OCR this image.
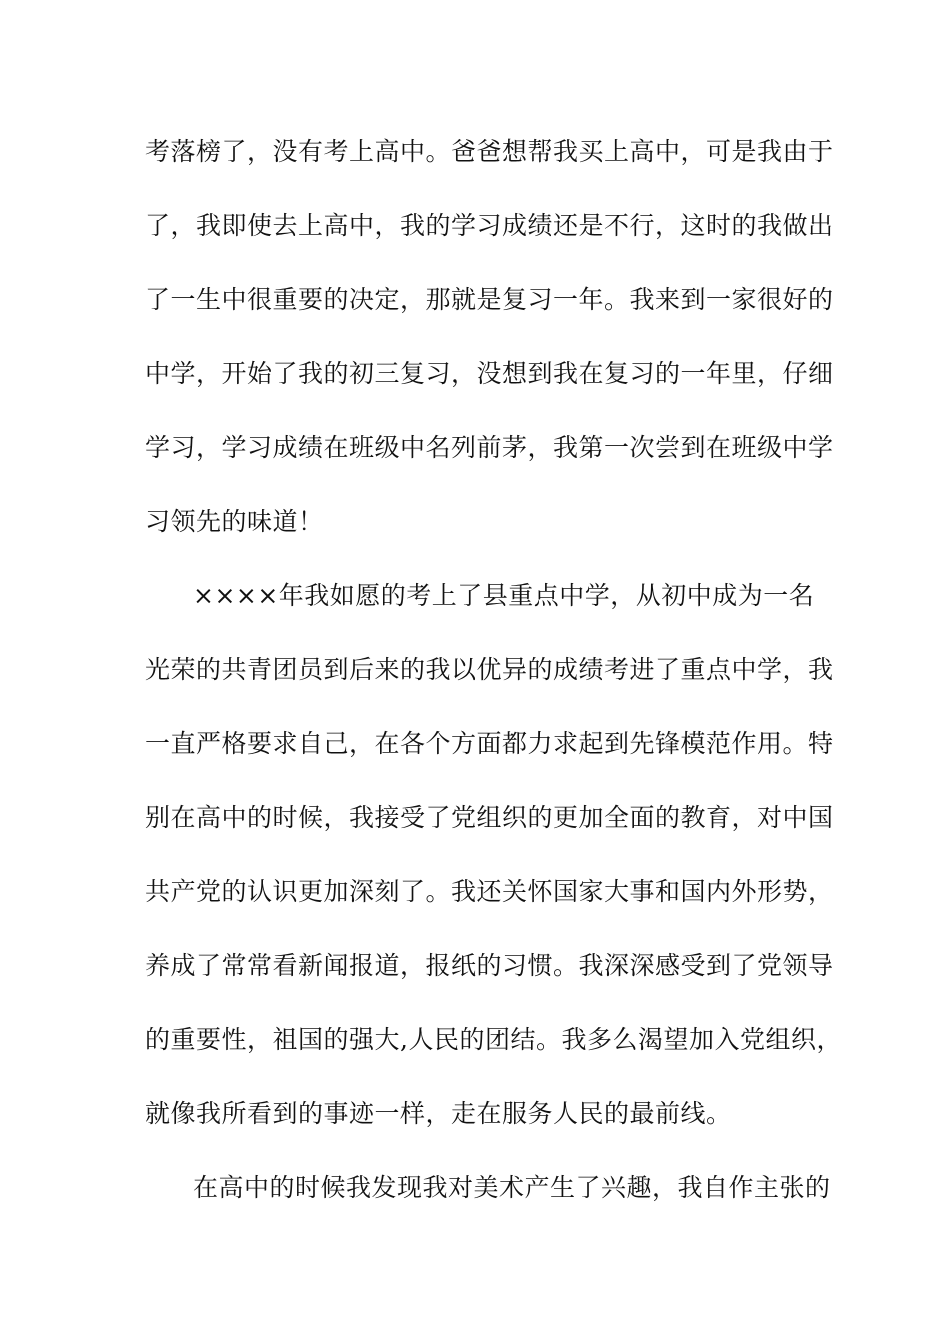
考落榜了，没有考上高中。爸爸想帮我买上高中，可是我由于
了，我即使去上高中，我的学习成绩还是不行，这时的我做出
了一生中很重要的决定，那就是复习一年。我来到一家很好的
中学，开始了我的初三复习，没想到我在复习的一年里，仔细
学习，学习成绩在班级中名列前茅，我第一次尝到在班级中学
习领先的味道！
××××年我如愿的考上了县重点中学，从初中成为一名
光荣的共青团员到后来的我以优异的成绩考进了重点中学，我
一直严格要求自己，在各个方面都力求起到先锋模范作用。特
别在高中的时候，我接受了党组织的更加全面的教育，对中国
共产党的认识更加深刻了。我还关怀国家大事和国内外形势，
养成了常常看新闻报道，报纸的习惯。我深深感受到了党领导
的重要性，祖国的强大,人民的团结。我多么渴望加入党组织，
就像我所看到的事迹一样，走在服务人民的最前线。
在高中的时候我发现我对美术产生了兴趣，我自作主张的
